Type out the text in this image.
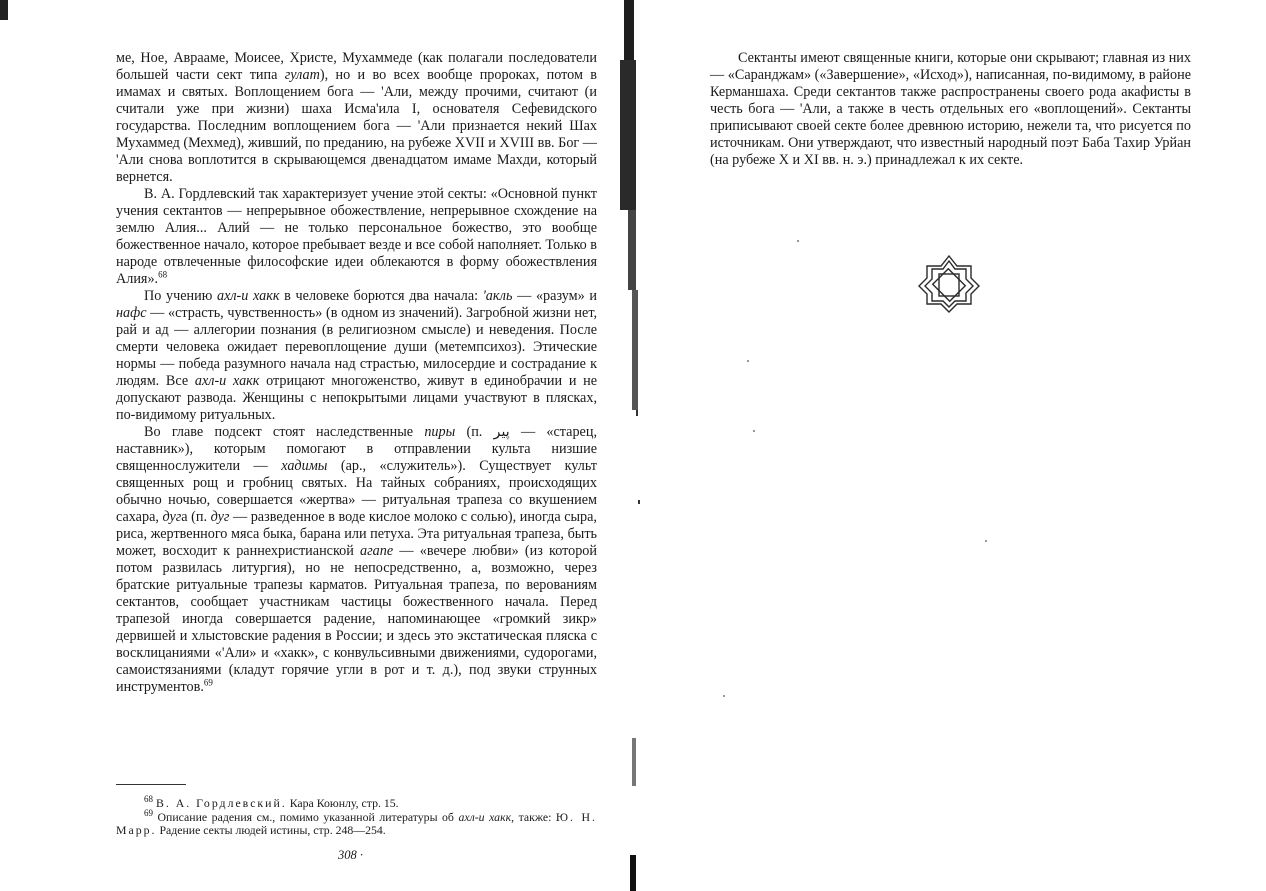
ме, Ное, Аврааме, Моисее, Христе, Мухаммеде (как полагали последователи большей части сект типа гулат), но и во всех вообще пророках, потом в имамах и святых. Воплощением бога — 'Али, между прочими, считают (и считали уже при жизни) шаха Исма'ила I, основателя Сефевидского государства. Последним воплощением бога — 'Али признается некий Шах Мухаммед (Мехмед), живший, по преданию, на рубеже XVII и XVIII вв. Бог — 'Али снова воплотится в скрывающемся двенадцатом имаме Махди, который вернется.

В. А. Гордлевский так характеризует учение этой секты: «Основной пункт учения сектантов — непрерывное обожествление, непрерывное схождение на землю Алия... Алий — не только персональное божество, это вообще божественное начало, которое пребывает везде и все собой наполняет. Только в народе отвлеченные философские идеи облекаются в форму обожествления Алия».$^{68}$

По учению ахл-и хакк в человеке борются два начала: 'акль — «разум» и нафс — «страсть, чувственность» (в одном из значений). Загробной жизни нет, рай и ад — аллегории познания (в религиозном смысле) и неведения. После смерти человека ожидает перевоплощение души (метемпсихоз). Этические нормы — победа разумного начала над страстью, милосердие и сострадание к людям. Все ахл-и хакк отрицают многоженство, живут в единобрачии и не допускают развода. Женщины с непокрытыми лицами участвуют в плясках, по-видимому ритуальных.

Во главе подсект стоят наследственные пиры (п. پیر — «старец, наставник»), которым помогают в отправлении культа низшие священнослужители — хадимы (ар., «служитель»). Существует культ священных рощ и гробниц святых. На тайных собраниях, происходящих обычно ночью, совершается «жертва» — ритуальная трапеза со вкушением сахара, дуга (п. дуг — разведенное в воде кислое молоко с солью), иногда сыра, риса, жертвенного мяса быка, барана или петуха. Эта ритуальная трапеза, быть может, восходит к раннехристианской агапе — «вечере любви» (из которой потом развилась литургия), но не непосредственно, а, возможно, через братские ритуальные трапезы карматов. Ритуальная трапеза, по верованиям сектантов, сообщает участникам частицы божественного начала. Перед трапезой иногда совершается радение, напоминающее «громкий зикр» дервишей и хлыстовские радения в России; и здесь это экстатическая пляска с восклицаниями «'Али» и «хакк», с конвульсивными движениями, судорогами, самоистязаниями (кладут горячие угли в рот и т. д.), под звуки струнных инструментов.$^{69}$

$^{68}$ В. А. Гордлевский. Кара Коюнлу, стр. 15.

$^{69}$ Описание радения см., помимо указанной литературы об ахл-и хакк, также: Ю. Н. Марр. Радение секты людей истины, стр. 248—254.

308 ·

Сектанты имеют священные книги, которые они скрывают; главная из них — «Саранджам» («Завершение», «Исход»), написанная, по-видимому, в районе Керманшаха. Среди сектантов также распространены своего рода акафисты в честь бога — 'Али, а также в честь отдельных его «воплощений». Сектанты приписывают своей секте более древнюю историю, нежели та, что рисуется по источникам. Они утверждают, что известный народный поэт Баба Тахир Урйан (на рубеже X и XI вв. н. э.) принадлежал к их секте.
